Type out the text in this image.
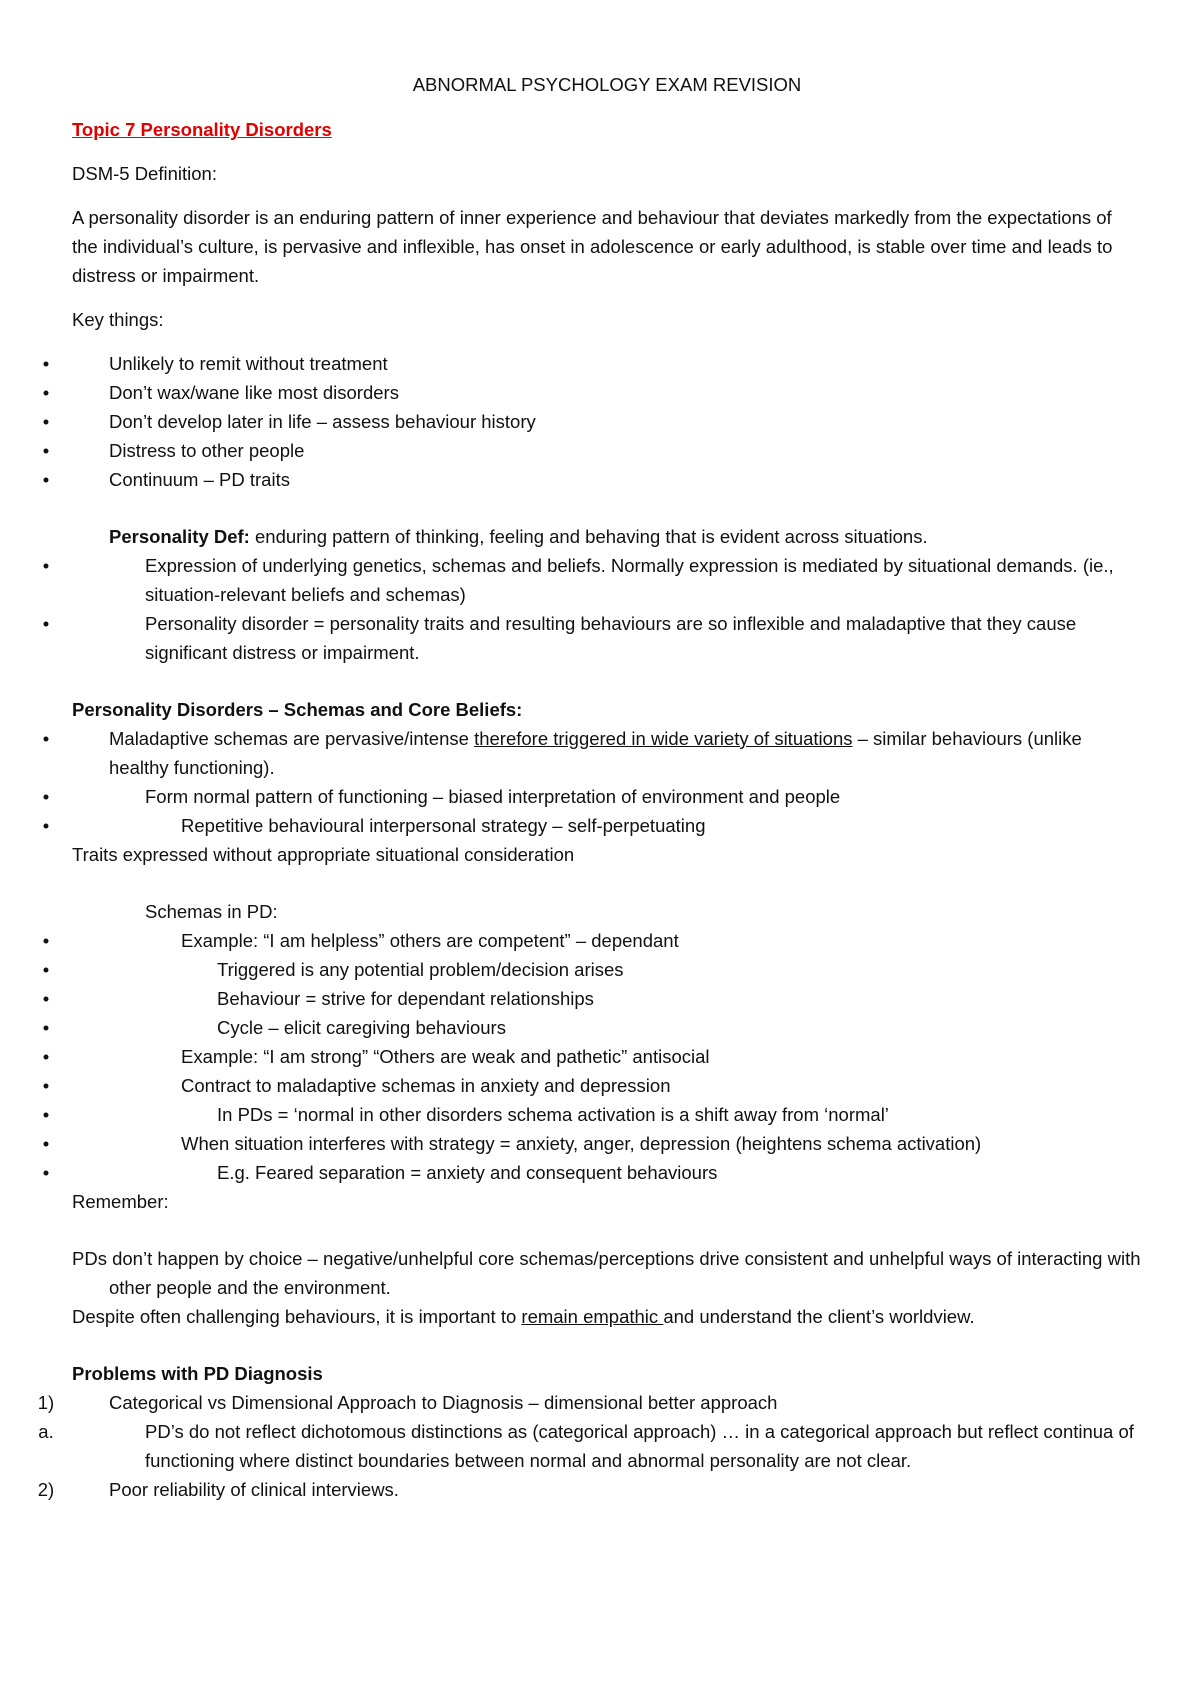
ABNORMAL PSYCHOLOGY EXAM REVISION

Topic 7 Personality Disorders

DSM-5 Definition:

A personality disorder is an enduring pattern of inner experience and behaviour that deviates markedly from the expectations of the individual’s culture, is pervasive and inflexible, has onset in adolescence or early adulthood, is stable over time and leads to distress or impairment.

Key things:

•	Unlikely to remit without treatment
•	Don’t wax/wane like most disorders
•	Don’t develop later in life – assess behaviour history
•	Distress to other people
•	Continuum – PD traits

Personality Def: enduring pattern of thinking, feeling and behaving that is evident across situations.

•	Expression of underlying genetics, schemas and beliefs. Normally expression is mediated by situational demands. (ie., situation-relevant beliefs and schemas)
•	Personality disorder = personality traits and resulting behaviours are so inflexible and maladaptive that they cause significant distress or impairment.

Personality Disorders – Schemas and Core Beliefs:

•	Maladaptive schemas are pervasive/intense therefore triggered in wide variety of situations – similar behaviours (unlike healthy functioning).
•	Form normal pattern of functioning – biased interpretation of environment and people
•	Repetitive behavioural interpersonal strategy – self-perpetuating

Traits expressed without appropriate situational consideration

Schemas in PD:

•	Example: “I am helpless” others are competent” – dependant
•	Triggered is any potential problem/decision arises
•	Behaviour = strive for dependant relationships
•	Cycle – elicit caregiving behaviours
•	Example: “I am strong” “Others are weak and pathetic” antisocial
•	Contract to maladaptive schemas in anxiety and depression
•	In PDs = ‘normal in other disorders schema activation is a shift away from ‘normal’
•	When situation interferes with strategy = anxiety, anger, depression (heightens schema activation)
•	E.g. Feared separation = anxiety and consequent behaviours

Remember:

PDs don’t happen by choice – negative/unhelpful core schemas/perceptions drive consistent and unhelpful ways of interacting with other people and the environment.

Despite often challenging behaviours, it is important to remain empathic and understand the client’s worldview.

Problems with PD Diagnosis

1)	Categorical vs Dimensional Approach to Diagnosis – dimensional better approach
a.	PD’s do not reflect dichotomous distinctions as (categorical approach) … in a categorical approach but reflect continua of functioning where distinct boundaries between normal and abnormal personality are not clear.
2)	Poor reliability of clinical interviews.
